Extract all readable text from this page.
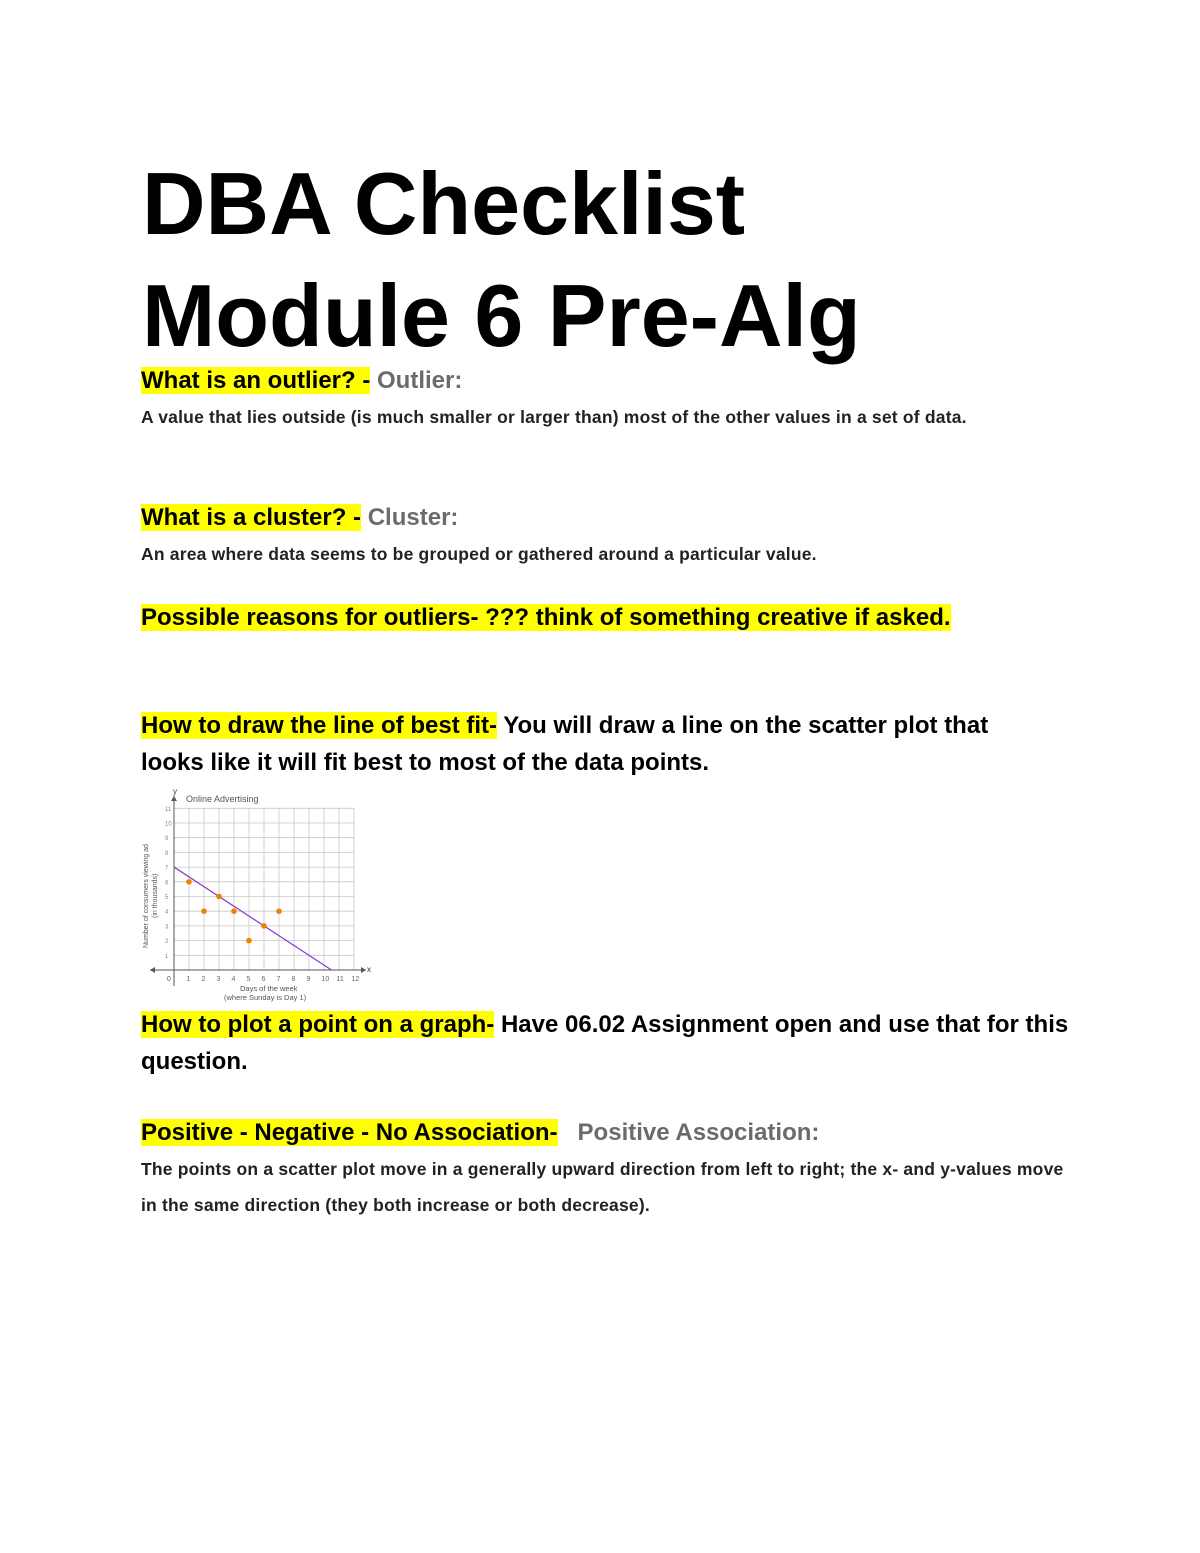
DBA Checklist
Module 6 Pre-Alg
What is an outlier? - Outlier:
A value that lies outside (is much smaller or larger than) most of the other values in a set of data.
What is a cluster? - Cluster:
An area where data seems to be grouped or gathered around a particular value.
Possible reasons for outliers- ??? think of something creative if asked.
How to draw the line of best fit- You will draw a line on the scatter plot that looks like it will fit best to most of the data points.
1 2 3 4 5 6 7 8 9 10 11 12
1
2
3
4
5
6
7
8
9
10
11
Online Advertising
y
x
0
Days of the week
(where Sunday is Day 1)
Number of consumers viewing ad (in thousands)
How to plot a point on a graph- Have 06.02 Assignment open and use that for this question.
Positive - Negative - No Association- Positive Association:
The points on a scatter plot move in a generally upward direction from left to right; the x- and y-values move in the same direction (they both increase or both decrease).
